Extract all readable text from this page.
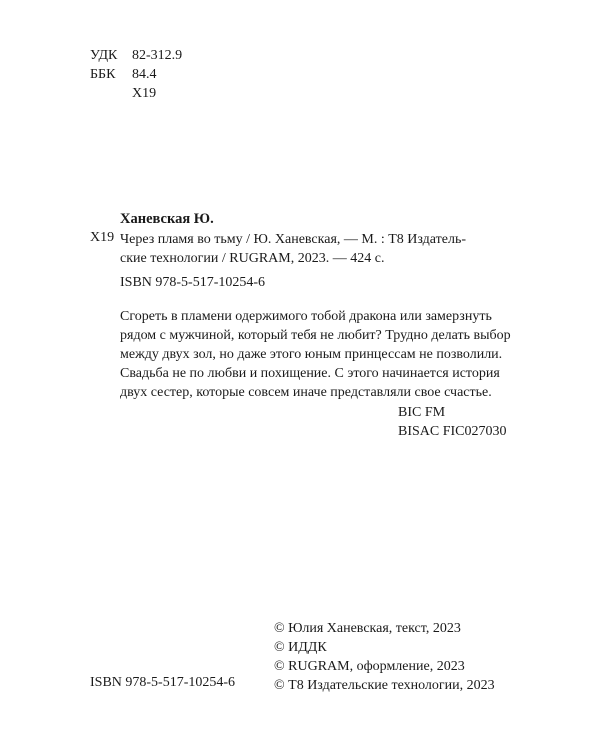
УДК	82-312.9
ББК	84.4
Х19
Ханевская Ю.
Х19 Через пламя во тьму / Ю. Ханевская, — М. : Т8 Издатель-
ские технологии / RUGRAM, 2023. — 424 с.
ISBN 978-5-517-10254-6
Сгореть в пламени одержимого тобой дракона или замерзнуть
рядом с мужчиной, который тебя не любит? Трудно делать выбор
между двух зол, но даже этого юным принцессам не позволили.
Свадьба не по любви и похищение. С этого начинается история
двух сестер, которые совсем иначе представляли свое счастье.
BIC FM
BISAC FIC027030
© Юлия Ханевская, текст, 2023
© ИДДК
© RUGRAM, оформление, 2023
© Т8 Издательские технологии, 2023
ISBN 978-5-517-10254-6
